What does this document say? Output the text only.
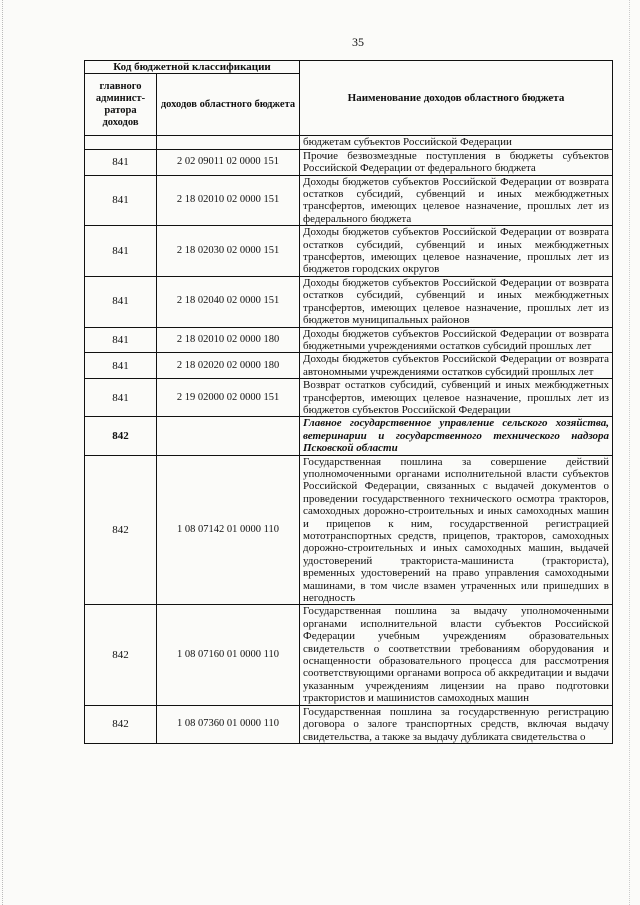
35
Код бюджетной классификации		Наименование доходов областного бюджета
главного админист-ратора доходов	доходов областного бюджета	
		бюджетам субъектов Российской Федерации
841	2 02 09011 02 0000 151	Прочие безвозмездные поступления в бюджеты субъектов Российской Федерации от федерального бюджета
841	2 18 02010 02 0000 151	Доходы бюджетов субъектов Российской Федерации от возврата остатков субсидий, субвенций и иных межбюджетных трансфертов, имеющих целевое назначение, прошлых лет из федерального бюджета
841	2 18 02030 02 0000 151	Доходы бюджетов субъектов Российской Федерации от возврата остатков субсидий, субвенций и иных межбюджетных трансфертов, имеющих целевое назначение, прошлых лет из бюджетов городских округов
841	2 18 02040 02 0000 151	Доходы бюджетов субъектов Российской Федерации от возврата остатков субсидий, субвенций и иных межбюджетных трансфертов, имеющих целевое назначение, прошлых лет из бюджетов муниципальных районов
841	2 18 02010 02 0000 180	Доходы бюджетов субъектов Российской Федерации от возврата бюджетными учреждениями остатков субсидий прошлых лет
841	2 18 02020 02 0000 180	Доходы бюджетов субъектов Российской Федерации от возврата автономными учреждениями остатков субсидий прошлых лет
841	2 19 02000 02 0000 151	Возврат остатков субсидий, субвенций и иных межбюджетных трансфертов, имеющих целевое назначение, прошлых лет из бюджетов субъектов Российской Федерации
842		Главное государственное управление сельского хозяйства, ветеринарии и государственного технического надзора Псковской области
842	1 08 07142 01 0000 110	Государственная пошлина за совершение действий уполномоченными органами исполнительной власти субъектов Российской Федерации, связанных с выдачей документов о проведении государственного технического осмотра тракторов, самоходных дорожно-строительных и иных самоходных машин и прицепов к ним, государственной регистрацией мототранспортных средств, прицепов, тракторов, самоходных дорожно-строительных и иных самоходных машин, выдачей удостоверений тракториста-машиниста (тракториста), временных удостоверений на право управления самоходными машинами, в том числе взамен утраченных или пришедших в негодность
842	1 08 07160 01 0000 110	Государственная пошлина за выдачу уполномоченными органами исполнительной власти субъектов Российской Федерации учебным учреждениям образовательных свидетельств о соответствии требованиям оборудования и оснащенности образовательного процесса для рассмотрения соответствующими органами вопроса об аккредитации и выдачи указанным учреждениям лицензии на право подготовки трактористов и машинистов самоходных машин
842	1 08 07360 01 0000 110	Государственная пошлина за государственную регистрацию договора о залоге транспортных средств, включая выдачу свидетельства, а также за выдачу дубликата свидетельства о
